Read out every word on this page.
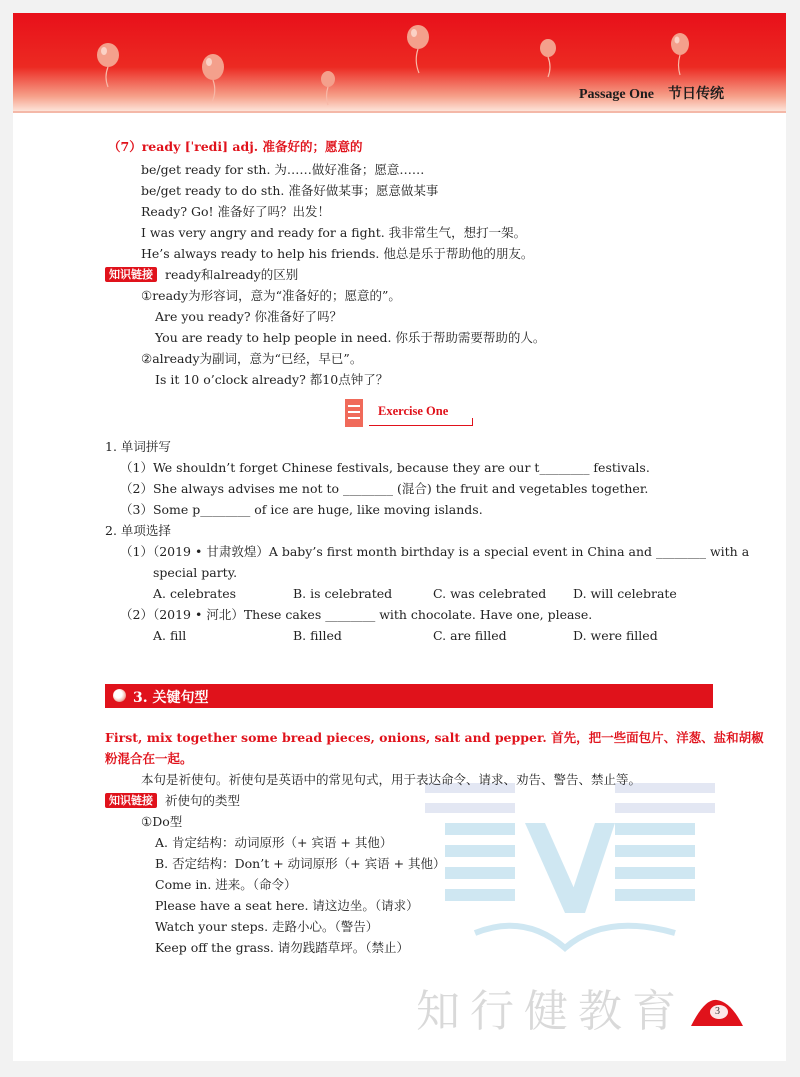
Passage One 节日传统
（7）ready [ˈredi] adj. 准备好的；愿意的
be/get ready for sth. 为……做好准备；愿意……
be/get ready to do sth. 准备好做某事；愿意做某事
Ready? Go! 准备好了吗？出发！
I was very angry and ready for a fight. 我非常生气，想打一架。
He’s always ready to help his friends. 他总是乐于帮助他的朋友。
知识链接 ready和already的区别
①ready为形容词，意为“准备好的；愿意的”。
Are you ready? 你准备好了吗？
You are ready to help people in need. 你乐于帮助需要帮助的人。
②already为副词，意为“已经，早已”。
Is it 10 o’clock already? 都10点钟了？
Exercise One
1. 单词拼写
（1）We shouldn’t forget Chinese festivals, because they are our t________ festivals.
（2）She always advises me not to ________ (混合) the fruit and vegetables together.
（3）Some p________ of ice are huge, like moving islands.
2. 单项选择
（1）（2019 • 甘肃敦煌）A baby’s first month birthday is a special event in China and ________ with a
special party.
A. celebrates	B. is celebrated	C. was celebrated D. will celebrate
（2）（2019 • 河北）These cakes ________ with chocolate. Have one, please.
A. fill	B. filled	C. are filled	D. were filled
3. 关键句型
知行健教育
First, mix together some bread pieces, onions, salt and pepper. 首先，把一些面包片、洋葱、盐和胡椒
粉混合在一起。
本句是祈使句。祈使句是英语中的常见句式，用于表达命令、请求、劝告、警告、禁止等。
知识链接 祈使句的类型
①Do型
A. 肯定结构：动词原形（+ 宾语 + 其他）
B. 否定结构：Don’t + 动词原形（+ 宾语 + 其他）
Come in. 进来。（命令）
Please have a seat here. 请这边坐。（请求）
Watch your steps. 走路小心。（警告）
Keep off the grass. 请勿践踏草坪。（禁止）
3
